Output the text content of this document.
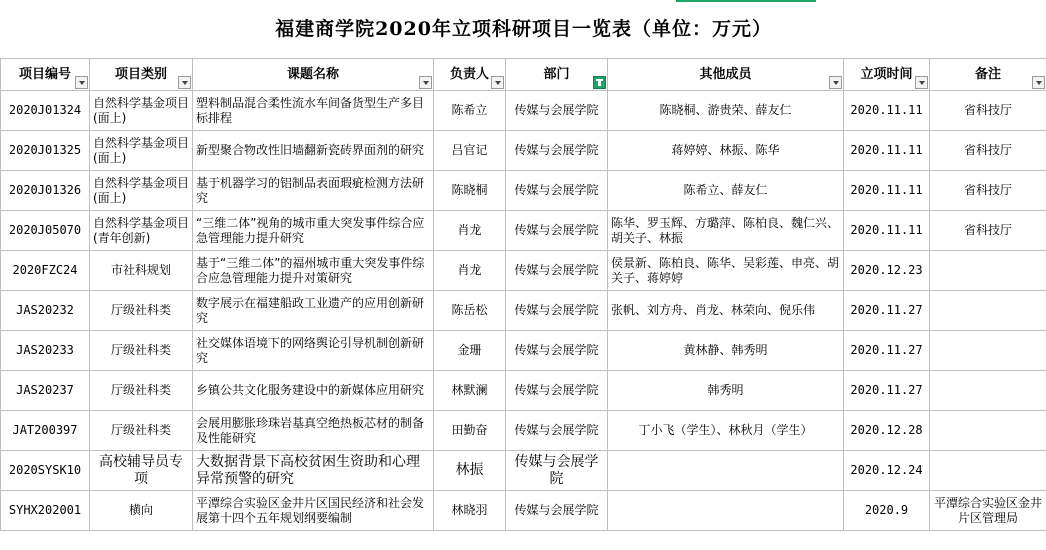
福建商学院2020年立项科研项目一览表（单位：万元）							
项目编号	项目类别	课题名称	负责人	部门	其他成员	立项时间	备注

2020J01324	自然科学基金项目(面上)	塑料制品混合柔性流水车间备货型生产多目标排程	陈希立	传媒与会展学院	陈晓桐、游贵荣、薛友仁	2020.11.11	省科技厅
2020J01325	自然科学基金项目(面上)	新型聚合物改性旧墙翻新瓷砖界面剂的研究	吕官记	传媒与会展学院	蒋婷婷、林振、陈华	2020.11.11	省科技厅
2020J01326	自然科学基金项目(面上)	基于机器学习的铝制品表面瑕疵检测方法研究	陈晓桐	传媒与会展学院	陈希立、薛友仁	2020.11.11	省科技厅
2020J05070	自然科学基金项目(青年创新)	“三维二体”视角的城市重大突发事件综合应急管理能力提升研究	肖龙	传媒与会展学院	陈华、罗玉辉、方璐萍、陈柏良、魏仁兴、胡关子、林振	2020.11.11	省科技厅
2020FZC24	市社科规划	基于“三维二体”的福州城市重大突发事件综合应急管理能力提升对策研究	肖龙	传媒与会展学院	侯景新、陈柏良、陈华、吴彩莲、申亮、胡关子、蒋婷婷	2020.12.23	
JAS20232	厅级社科类	数字展示在福建船政工业遗产的应用创新研究	陈岳松	传媒与会展学院	张帆、刘方舟、肖龙、林荣向、倪乐伟	2020.11.27	
JAS20233	厅级社科类	社交媒体语境下的网络舆论引导机制创新研究	金珊	传媒与会展学院	黄林静、韩秀明	2020.11.27	
JAS20237	厅级社科类	乡镇公共文化服务建设中的新媒体应用研究	林默澜	传媒与会展学院	韩秀明	2020.11.27	
JAT200397	厅级社科类	会展用膨胀珍珠岩基真空绝热板芯材的制备及性能研究	田勤奋	传媒与会展学院	丁小飞（学生）、林秋月（学生）	2020.12.28	
2020SYSK10	高校辅导员专项	大数据背景下高校贫困生资助和心理异常预警的研究	林振	传媒与会展学院		2020.12.24	
SYHX202001	横向	平潭综合实验区金井片区国民经济和社会发展第十四个五年规划纲要编制	林晓羽	传媒与会展学院		2020.9	平潭综合实验区金井片区管理局
